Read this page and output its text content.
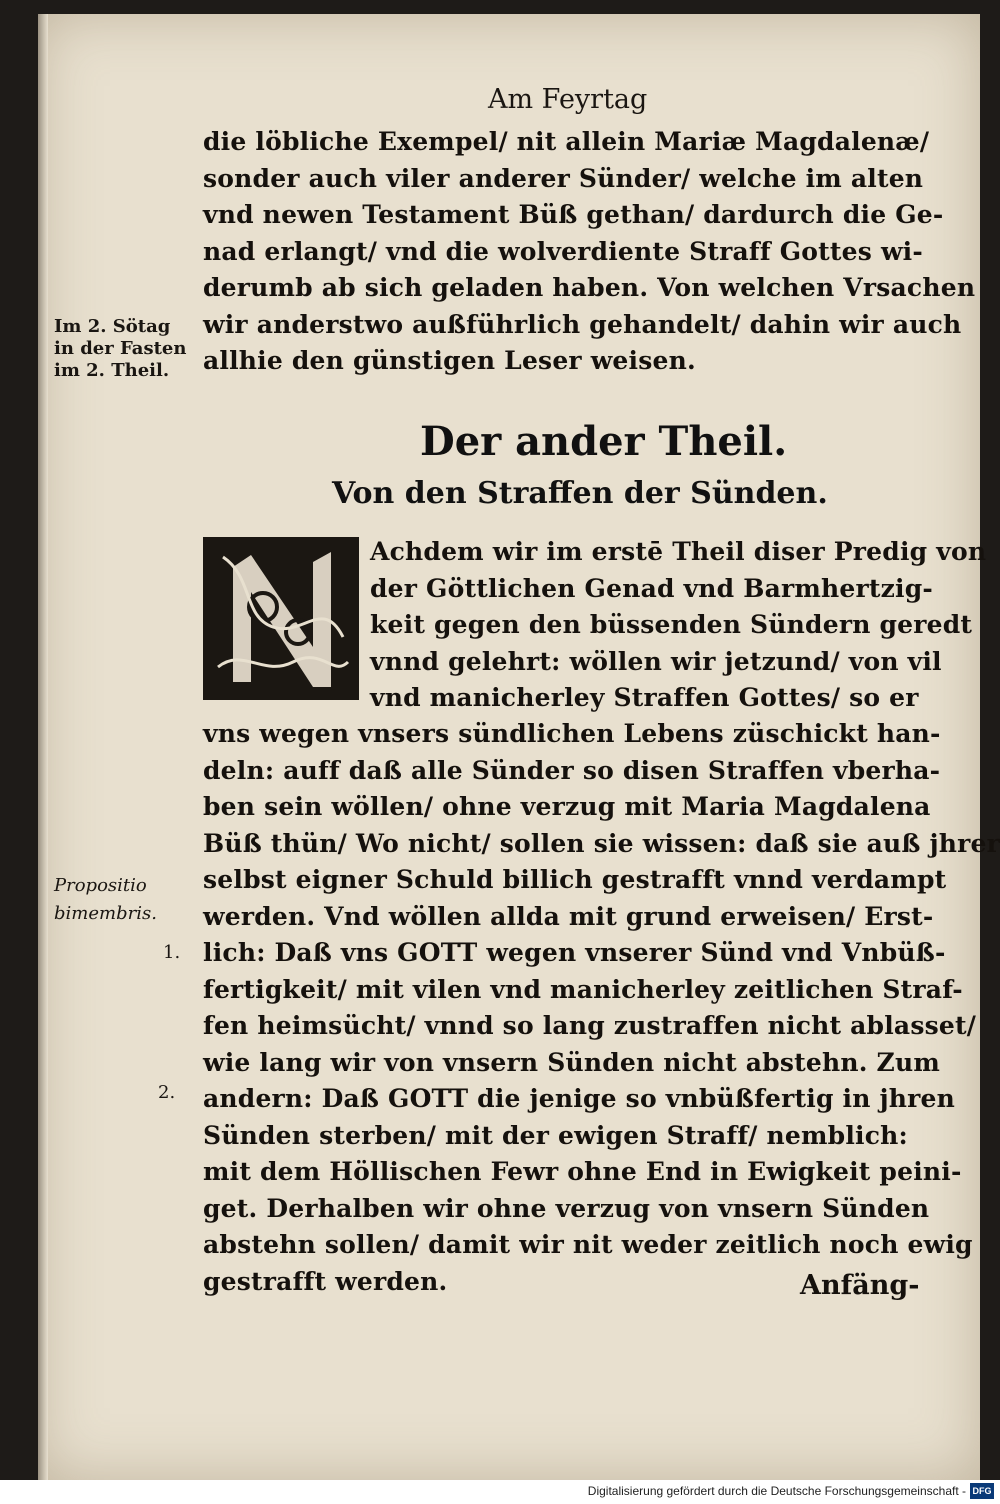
Am Feyrtag
die löbliche Exempel/ nit allein Mariæ Magdalenæ/
sonder auch viler anderer Sünder/ welche im alten
vnd newen Testament Büß gethan/ dardurch die Ge-
nad erlangt/ vnd die wolverdiente Straff Gottes wi-
derumb ab sich geladen haben. Von welchen Vrsachen
wir anderstwo außführlich gehandelt/ dahin wir auch
allhie den günstigen Leser weisen.
Im 2. Sötag
in der Fasten
im 2. Theil.
Der ander Theil.
Von den Straffen der Sünden.
Achdem wir im erstē Theil diser Predig von
der Göttlichen Genad vnd Barmhertzig-
keit gegen den büssenden Sündern geredt
vnnd gelehrt: wöllen wir jetzund/ von vil
vnd manicherley Straffen Gottes/ so er
vns wegen vnsers sündlichen Lebens züschickt han-
deln: auff daß alle Sünder so disen Straffen vberha-
ben sein wöllen/ ohne verzug mit Maria Magdalena
Büß thün/ Wo nicht/ sollen sie wissen: daß sie auß jhrer
selbst eigner Schuld billich gestrafft vnnd verdampt
werden. Vnd wöllen allda mit grund erweisen/ Erst-
lich: Daß vns GOTT wegen vnserer Sünd vnd Vnbüß-
fertigkeit/ mit vilen vnd manicherley zeitlichen Straf-
fen heimsücht/ vnnd so lang zustraffen nicht ablasset/
wie lang wir von vnsern Sünden nicht abstehn. Zum
andern: Daß GOTT die jenige so vnbüßfertig in jhren
Sünden sterben/ mit der ewigen Straff/ nemblich:
mit dem Höllischen Fewr ohne End in Ewigkeit peini-
get. Derhalben wir ohne verzug von vnsern Sünden
abstehn sollen/ damit wir nit weder zeitlich noch ewig
gestrafft werden.
Propositio
bimembris.
1.
2.
Anfäng-
Digitalisierung gefördert durch die Deutsche Forschungsgemeinschaft - DFG
